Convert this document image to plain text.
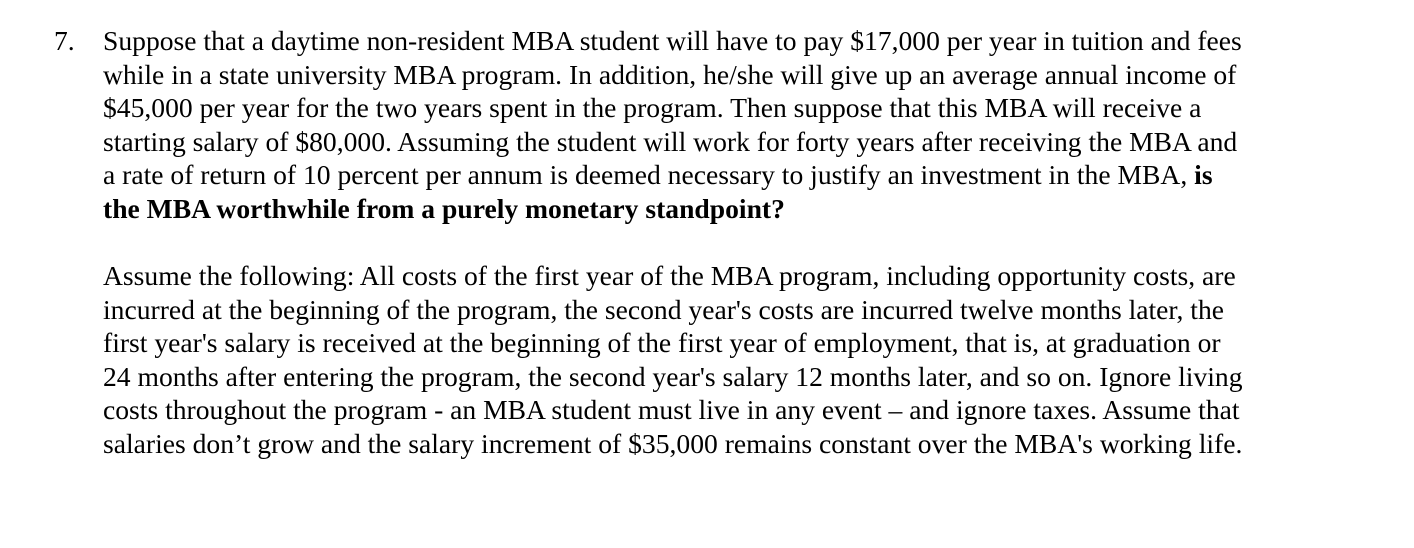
7. Suppose that a daytime non-resident MBA student will have to pay $17,000 per year in tuition and fees
while in a state university MBA program. In addition, he/she will give up an average annual income of
$45,000 per year for the two years spent in the program. Then suppose that this MBA will receive a
starting salary of $80,000. Assuming the student will work for forty years after receiving the MBA and
a rate of return of 10 percent per annum is deemed necessary to justify an investment in the MBA, is
the MBA worthwhile from a purely monetary standpoint?
Assume the following: All costs of the first year of the MBA program, including opportunity costs, are
incurred at the beginning of the program, the second year's costs are incurred twelve months later, the
first year's salary is received at the beginning of the first year of employment, that is, at graduation or
24 months after entering the program, the second year's salary 12 months later, and so on. Ignore living
costs throughout the program - an MBA student must live in any event – and ignore taxes. Assume that
salaries don’t grow and the salary increment of $35,000 remains constant over the MBA's working life.
